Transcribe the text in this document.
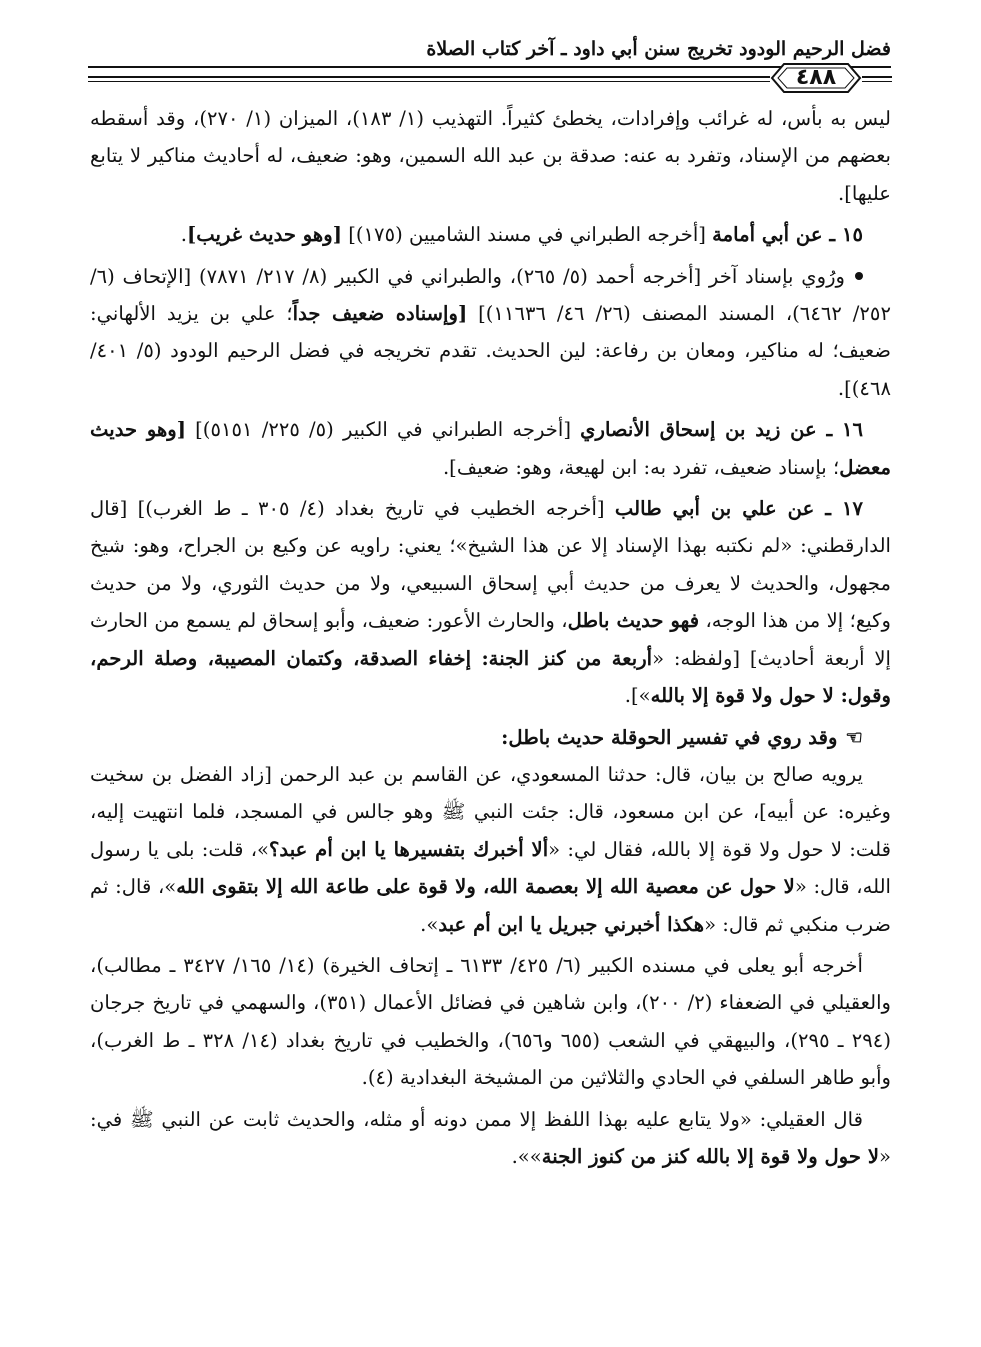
فضل الرحيم الودود تخريج سنن أبي داود ـ آخر كتاب الصلاة
٤٨٨

ليس به بأس، له غرائب وإفرادات، يخطئ كثيراً. التهذيب (١/ ١٨٣)، الميزان (١/ ٢٧٠)، وقد أسقطه بعضهم من الإسناد، وتفرد به عنه: صدقة بن عبد الله السمين، وهو: ضعيف، له أحاديث مناكير لا يتابع عليها].

١٥ ـ عن أبي أمامة [أخرجه الطبراني في مسند الشاميين (١٧٥)] [وهو حديث غريب].

ورُوي بإسناد آخر [أخرجه أحمد (٥/ ٢٦٥)، والطبراني في الكبير (٨/ ٢١٧/ ٧٨٧١) [الإتحاف (٦/ ٢٥٢/ ٦٤٦٢)، المسند المصنف (٢٦/ ٤٦/ ١١٦٣٦)] [وإسناده ضعيف جداً؛ علي بن يزيد الألهاني: ضعيف؛ له مناكير، ومعان بن رفاعة: لين الحديث. تقدم تخريجه في فضل الرحيم الودود (٥/ ٤٠١/ ٤٦٨)].

١٦ ـ عن زيد بن إسحاق الأنصاري [أخرجه الطبراني في الكبير (٥/ ٢٢٥/ ٥١٥١)] [وهو حديث معضل؛ بإسناد ضعيف، تفرد به: ابن لهيعة، وهو: ضعيف].

١٧ ـ عن علي بن أبي طالب [أخرجه الخطيب في تاريخ بغداد (٤/ ٣٠٥ ـ ط الغرب)] [قال الدارقطني: «لم نكتبه بهذا الإسناد إلا عن هذا الشيخ»؛ يعني: راويه عن وكيع بن الجراح، وهو: شيخ مجهول، والحديث لا يعرف من حديث أبي إسحاق السبيعي، ولا من حديث الثوري، ولا من حديث وكيع؛ إلا من هذا الوجه، فهو حديث باطل، والحارث الأعور: ضعيف، وأبو إسحاق لم يسمع من الحارث إلا أربعة أحاديث] [ولفظه: «أربعة من كنز الجنة: إخفاء الصدقة، وكتمان المصيبة، وصلة الرحم، وقول: لا حول ولا قوة إلا بالله»].

☜وقد روي في تفسير الحوقلة حديث باطل:

يرويه صالح بن بيان، قال: حدثنا المسعودي، عن القاسم بن عبد الرحمن [زاد الفضل بن سخيت وغيره: عن أبيه]، عن ابن مسعود، قال: جئت النبي ﷺ وهو جالس في المسجد، فلما انتهيت إليه، قلت: لا حول ولا قوة إلا بالله، فقال لي: «ألا أخبرك بتفسيرها يا ابن أم عبد؟»، قلت: بلى يا رسول الله، قال: «لا حول عن معصية الله إلا بعصمة الله، ولا قوة على طاعة الله إلا بتقوى الله»، قال: ثم ضرب منكبي ثم قال: «هكذا أخبرني جبريل يا ابن أم عبد».

أخرجه أبو يعلى في مسنده الكبير (٦/ ٤٢٥/ ٦١٣٣ ـ إتحاف الخيرة) (١٤/ ١٦٥/ ٣٤٢٧ ـ مطالب)، والعقيلي في الضعفاء (٢/ ٢٠٠)، وابن شاهين في فضائل الأعمال (٣٥١)، والسهمي في تاريخ جرجان (٢٩٤ ـ ٢٩٥)، والبيهقي في الشعب (٦٥٥ و٦٥٦)، والخطيب في تاريخ بغداد (١٤/ ٣٢٨ ـ ط الغرب)، وأبو طاهر السلفي في الحادي والثلاثين من المشيخة البغدادية (٤).

قال العقيلي: «ولا يتابع عليه بهذا اللفظ إلا ممن دونه أو مثله، والحديث ثابت عن النبي ﷺ في: «لا حول ولا قوة إلا بالله كنز من كنوز الجنة»».
